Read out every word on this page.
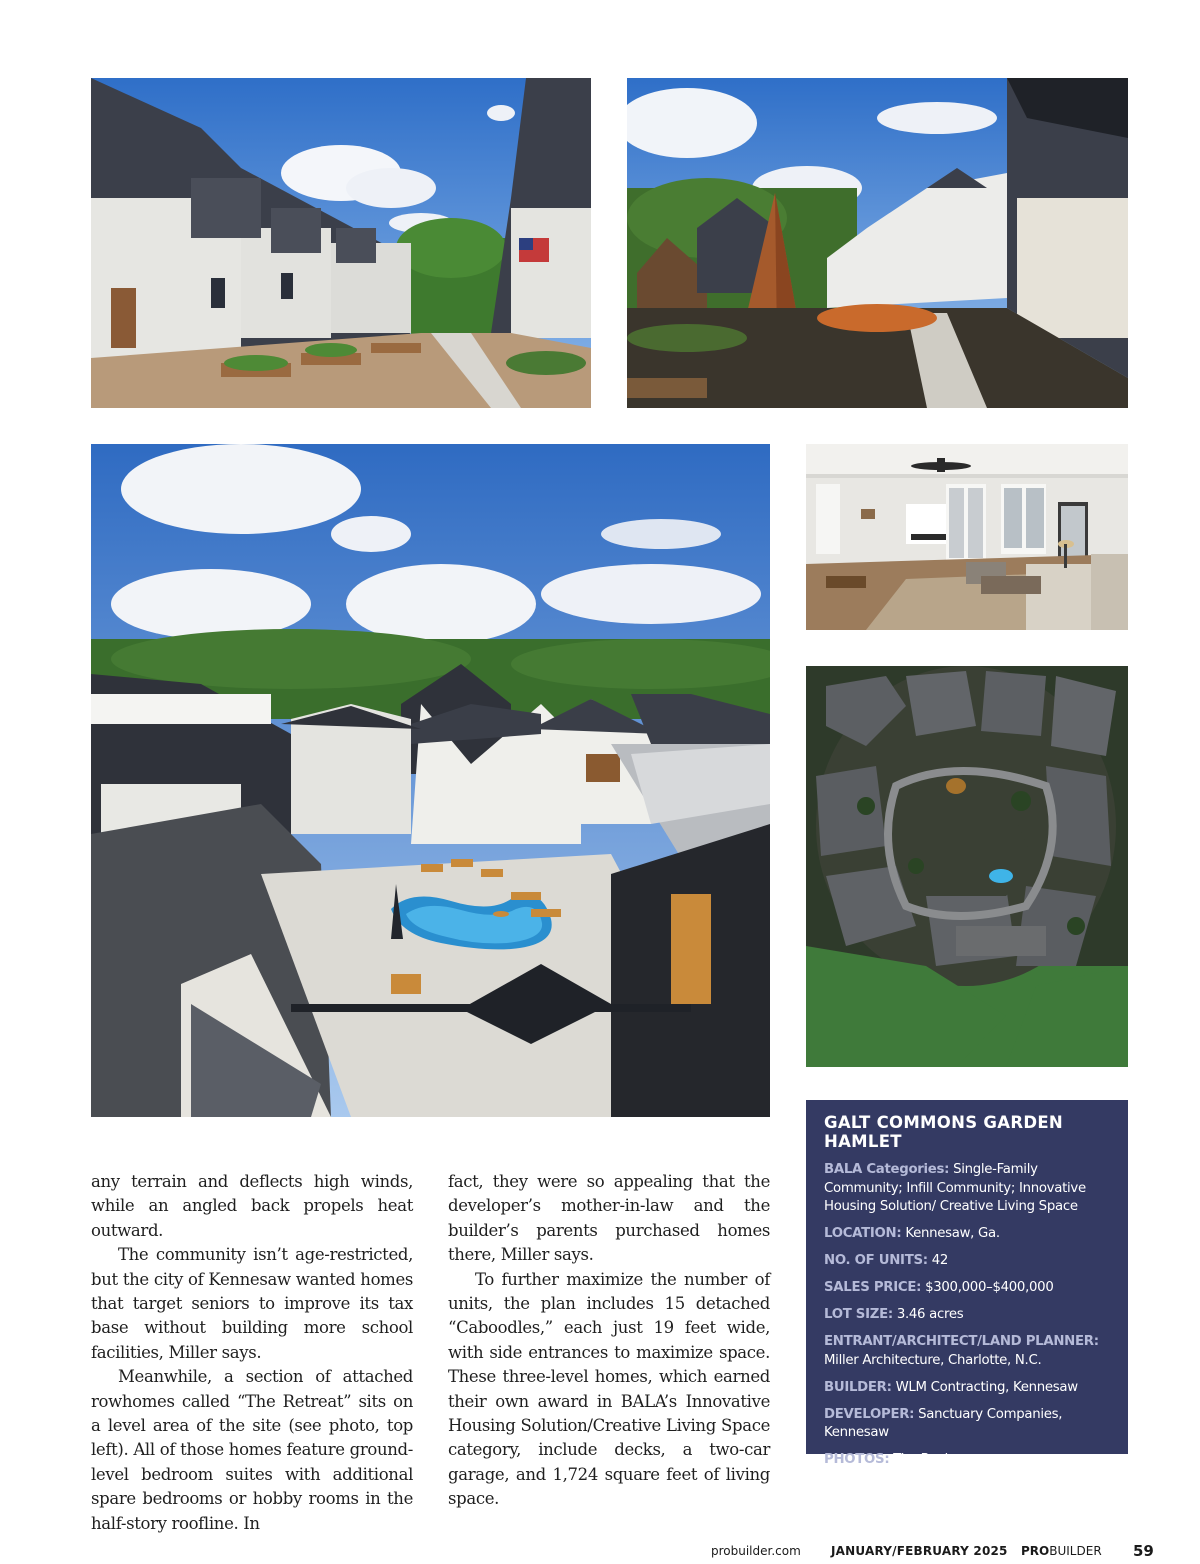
any terrain and deflects high winds, while an angled back propels heat outward.

The community isn’t age-restricted, but the city of Kennesaw wanted homes that target seniors to improve its tax base without building more school facilities, Miller says.

Meanwhile, a section of attached rowhomes called “The Retreat” sits on a level area of the site (see photo, top left). All of those homes feature ground-level bedroom suites with additional spare bedrooms or hobby rooms in the half-story roofline. In

fact, they were so appealing that the developer’s mother-in-law and the builder’s parents purchased homes there, Miller says.

To further maximize the number of units, the plan includes 15 detached “Caboodles,” each just 19 feet wide, with side entrances to maximize space. These three-level homes, which earned their own award in BALA’s Innovative Housing Solution/Creative Living Space category, include decks, a two-car garage, and 1,724 square feet of living space.

GALT COMMONS GARDEN HAMLET
BALA Categories: Single-Family Community; Infill Community; Innovative Housing Solution/ Creative Living Space
LOCATION: Kennesaw, Ga.
NO. OF UNITS: 42
SALES PRICE: $300,000–$400,000
LOT SIZE: 3.46 acres
ENTRANT/ARCHITECT/LAND PLANNER:
Miller Architecture, Charlotte, N.C.
BUILDER: WLM Contracting, Kennesaw
DEVELOPER: Sanctuary Companies, Kennesaw
PHOTOS: Tim Buchman
probuilder.com	JANUARY/FEBRUARY 2025 PROBUILDER 59
